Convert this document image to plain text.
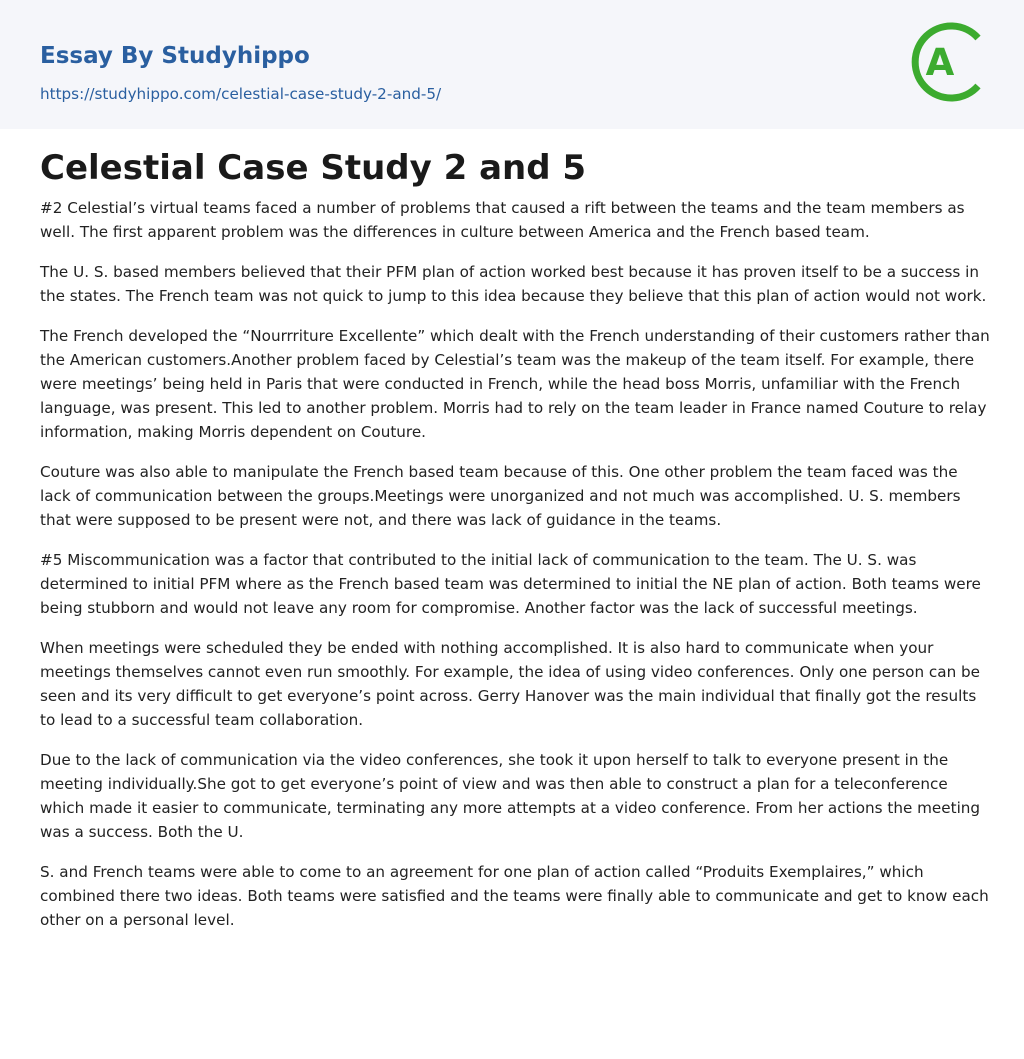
Essay By Studyhippo
https://studyhippo.com/celestial-case-study-2-and-5/
A
Celestial Case Study 2 and 5

#2 Celestial’s virtual teams faced a number of problems that caused a rift between the teams and the team members as well. The first apparent problem was the differences in culture between America and the French based team.

The U. S. based members believed that their PFM plan of action worked best because it has proven itself to be a success in the states. The French team was not quick to jump to this idea because they believe that this plan of action would not work.

The French developed the “Nourrriture Excellente” which dealt with the French understanding of their customers rather than the American customers.Another problem faced by Celestial’s team was the makeup of the team itself. For example, there were meetings’ being held in Paris that were conducted in French, while the head boss Morris, unfamiliar with the French language, was present. This led to another problem. Morris had to rely on the team leader in France named Couture to relay information, making Morris dependent on Couture.

Couture was also able to manipulate the French based team because of this. One other problem the team faced was the lack of communication between the groups.Meetings were unorganized and not much was accomplished. U. S. members that were supposed to be present were not, and there was lack of guidance in the teams.

#5 Miscommunication was a factor that contributed to the initial lack of communication to the team. The U. S. was determined to initial PFM where as the French based team was determined to initial the NE plan of action. Both teams were being stubborn and would not leave any room for compromise. Another factor was the lack of successful meetings.

When meetings were scheduled they be ended with nothing accomplished. It is also hard to communicate when your meetings themselves cannot even run smoothly. For example, the idea of using video conferences. Only one person can be seen and its very difficult to get everyone’s point across. Gerry Hanover was the main individual that finally got the results to lead to a successful team collaboration.

Due to the lack of communication via the video conferences, she took it upon herself to talk to everyone present in the meeting individually.She got to get everyone’s point of view and was then able to construct a plan for a teleconference which made it easier to communicate, terminating any more attempts at a video conference. From her actions the meeting was a success. Both the U.

S. and French teams were able to come to an agreement for one plan of action called “Produits Exemplaires,” which combined there two ideas. Both teams were satisfied and the teams were finally able to communicate and get to know each other on a personal level.
